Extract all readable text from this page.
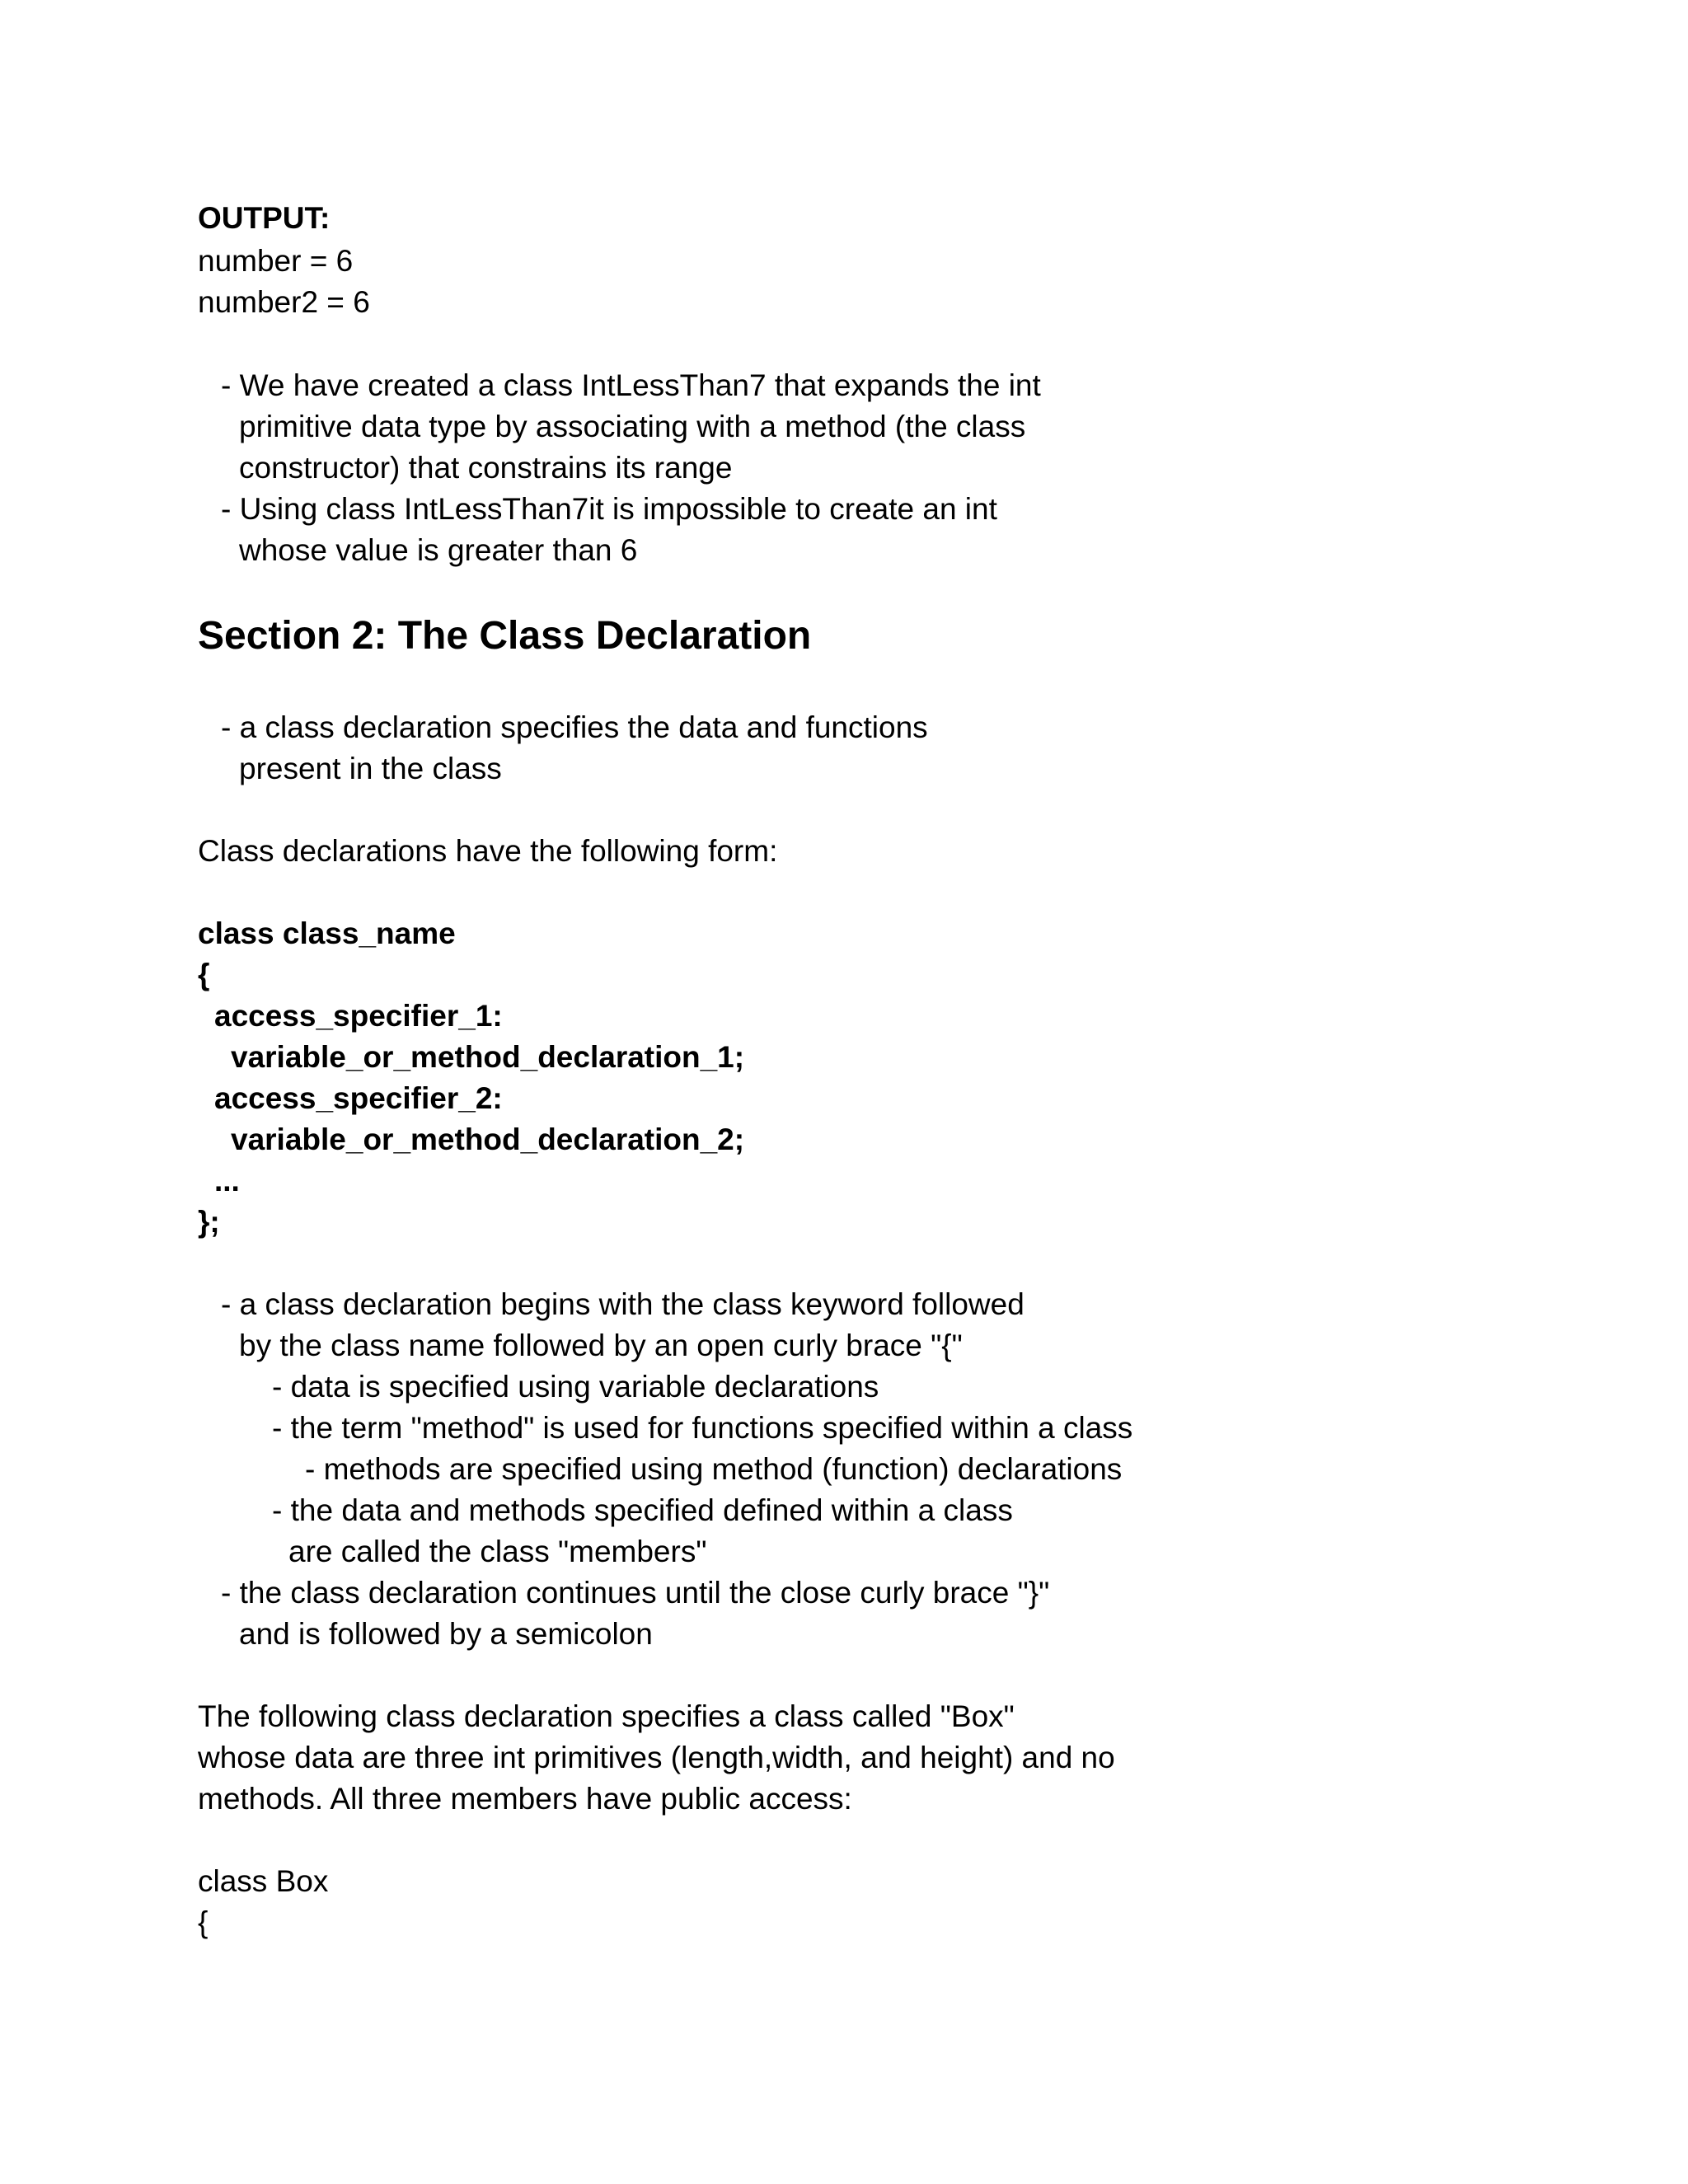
OUTPUT:
number = 6
number2 = 6
- We have created a class IntLessThan7 that expands the int
primitive data type by associating with a method (the class
constructor) that constrains its range
- Using class IntLessThan7it is impossible to create an int
whose value is greater than 6
Section 2: The Class Declaration
- a class declaration specifies the data and functions
present in the class
Class declarations have the following form:
class class_name
{
access_specifier_1:
variable_or_method_declaration_1;
access_specifier_2:
variable_or_method_declaration_2;
...
};
- a class declaration begins with the class keyword followed
by the class name followed by an open curly brace "{"
- data is specified using variable declarations
- the term "method" is used for functions specified within a class
- methods are specified using method (function) declarations
- the data and methods specified defined within a class
are called the class "members"
- the class declaration continues until the close curly brace "}"
and is followed by a semicolon
The following class declaration specifies a class called "Box"
whose data are three int primitives (length,width, and height) and no
methods. All three members have public access:
class Box
{
